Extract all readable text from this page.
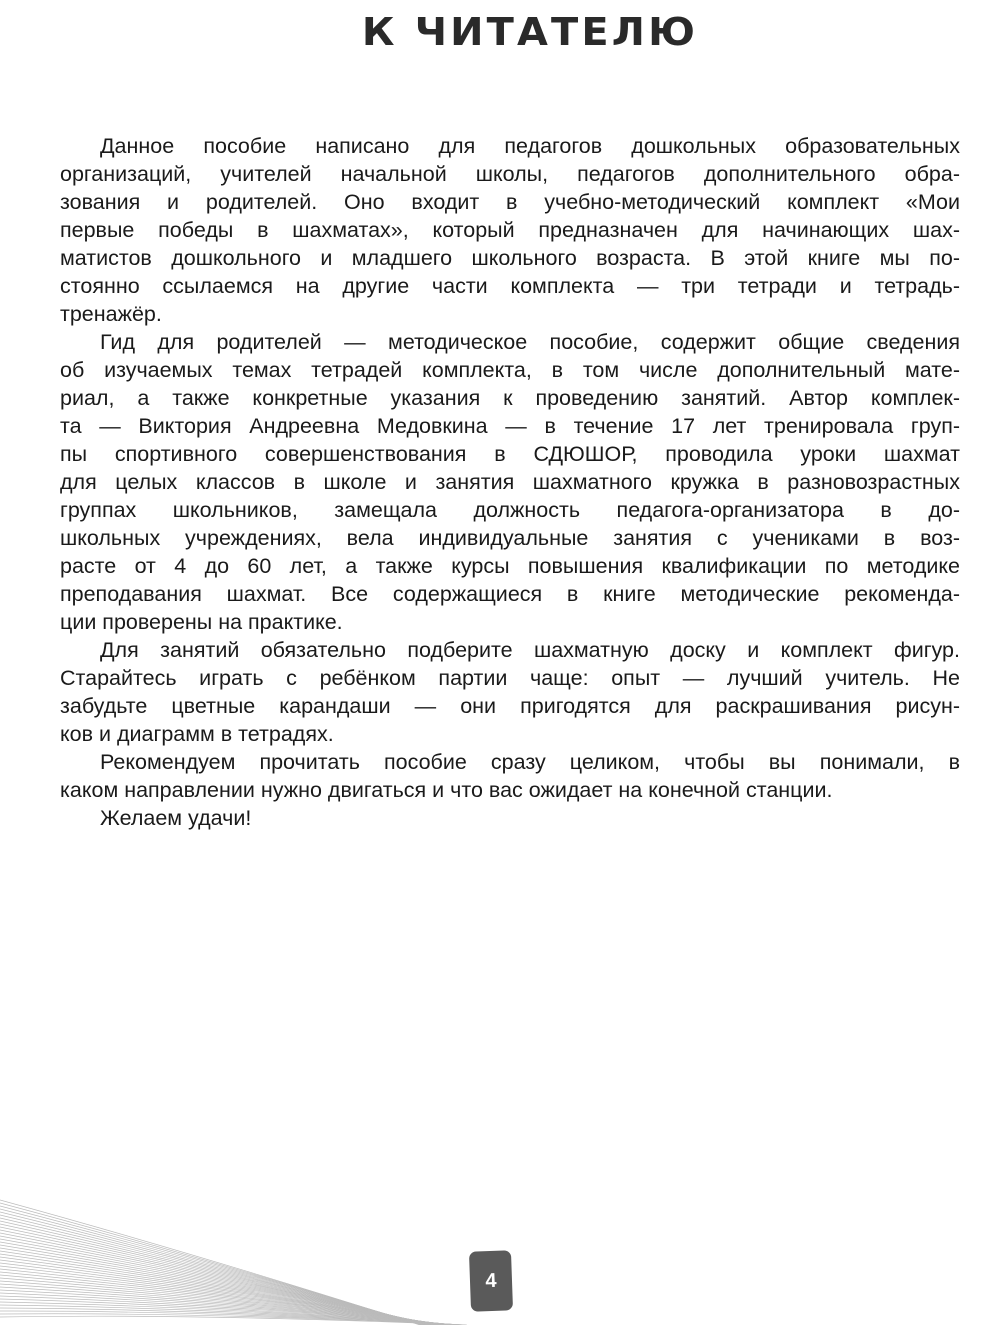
К ЧИТАТЕЛЮ
Данное пособие написано для педагогов дошкольных образовательных
организаций, учителей начальной школы, педагогов дополнительного обра-
зования и родителей. Оно входит в учебно-методический комплект «Мои
первые победы в шахматах», который предназначен для начинающих шах-
матистов дошкольного и младшего школьного возраста. В этой книге мы по-
стоянно ссылаемся на другие части комплекта — три тетради и тетрадь-
тренажёр.
Гид для родителей — методическое пособие, содержит общие сведения
об изучаемых темах тетрадей комплекта, в том числе дополнительный мате-
риал, а также конкретные указания к проведению занятий. Автор комплек-
та — Виктория Андреевна Медовкина — в течение 17 лет тренировала груп-
пы спортивного совершенствования в СДЮШОР, проводила уроки шахмат
для целых классов в школе и занятия шахматного кружка в разновозрастных
группах школьников, замещала должность педагога-организатора в до-
школьных учреждениях, вела индивидуальные занятия с учениками в воз-
расте от 4 до 60 лет, а также курсы повышения квалификации по методике
преподавания шахмат. Все содержащиеся в книге методические рекоменда-
ции проверены на практике.
Для занятий обязательно подберите шахматную доску и комплект фигур.
Старайтесь играть с ребёнком партии чаще: опыт — лучший учитель. Не
забудьте цветные карандаши — они пригодятся для раскрашивания рисун-
ков и диаграмм в тетрадях.
Рекомендуем прочитать пособие сразу целиком, чтобы вы понимали, в
каком направлении нужно двигаться и что вас ожидает на конечной станции.
Желаем удачи!
4
